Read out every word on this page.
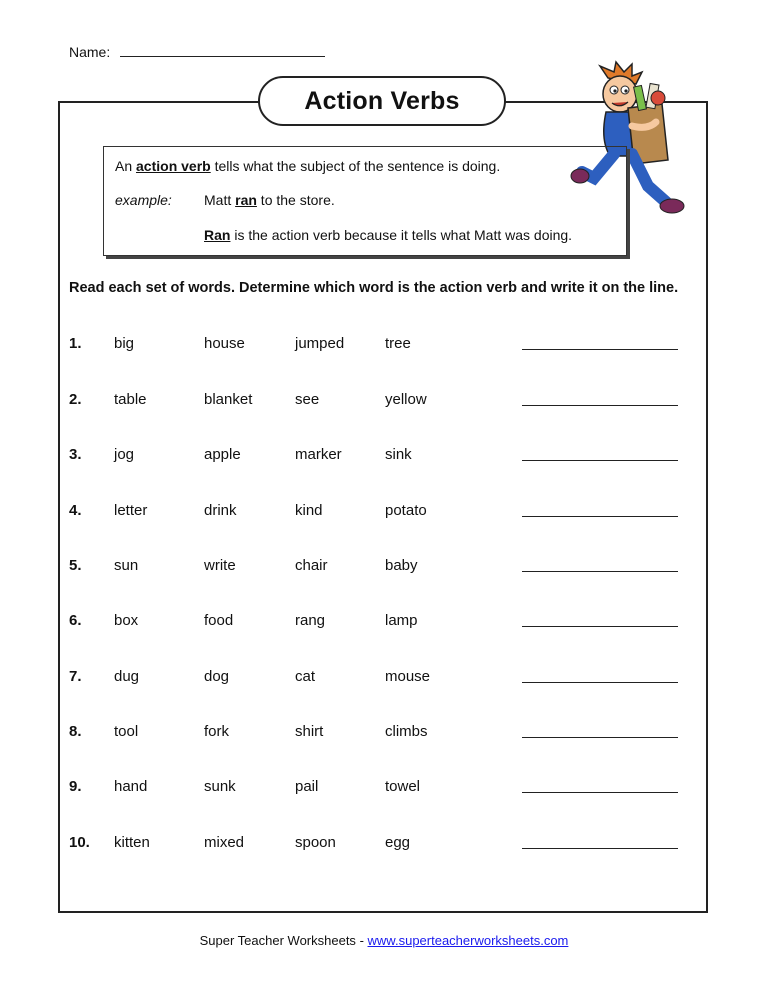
Name:
Action Verbs
An action verb tells what the subject of the sentence is doing.
example: Matt ran to the store.
Ran is the action verb because it tells what Matt was doing.
Read each set of words. Determine which word is the action verb and write it on the line.
1. big	house	jumped	tree
2. table	blanket	see	yellow
3. jog	apple	marker	sink
4. letter	drink	kind	potato
5. sun	write	chair	baby
6. box	food	rang	lamp
7. dug	dog	cat	mouse
8. tool	fork	shirt	climbs
9. hand	sunk	pail	towel
10. kitten	mixed	spoon	egg
Super Teacher Worksheets - www.superteacherworksheets.com
